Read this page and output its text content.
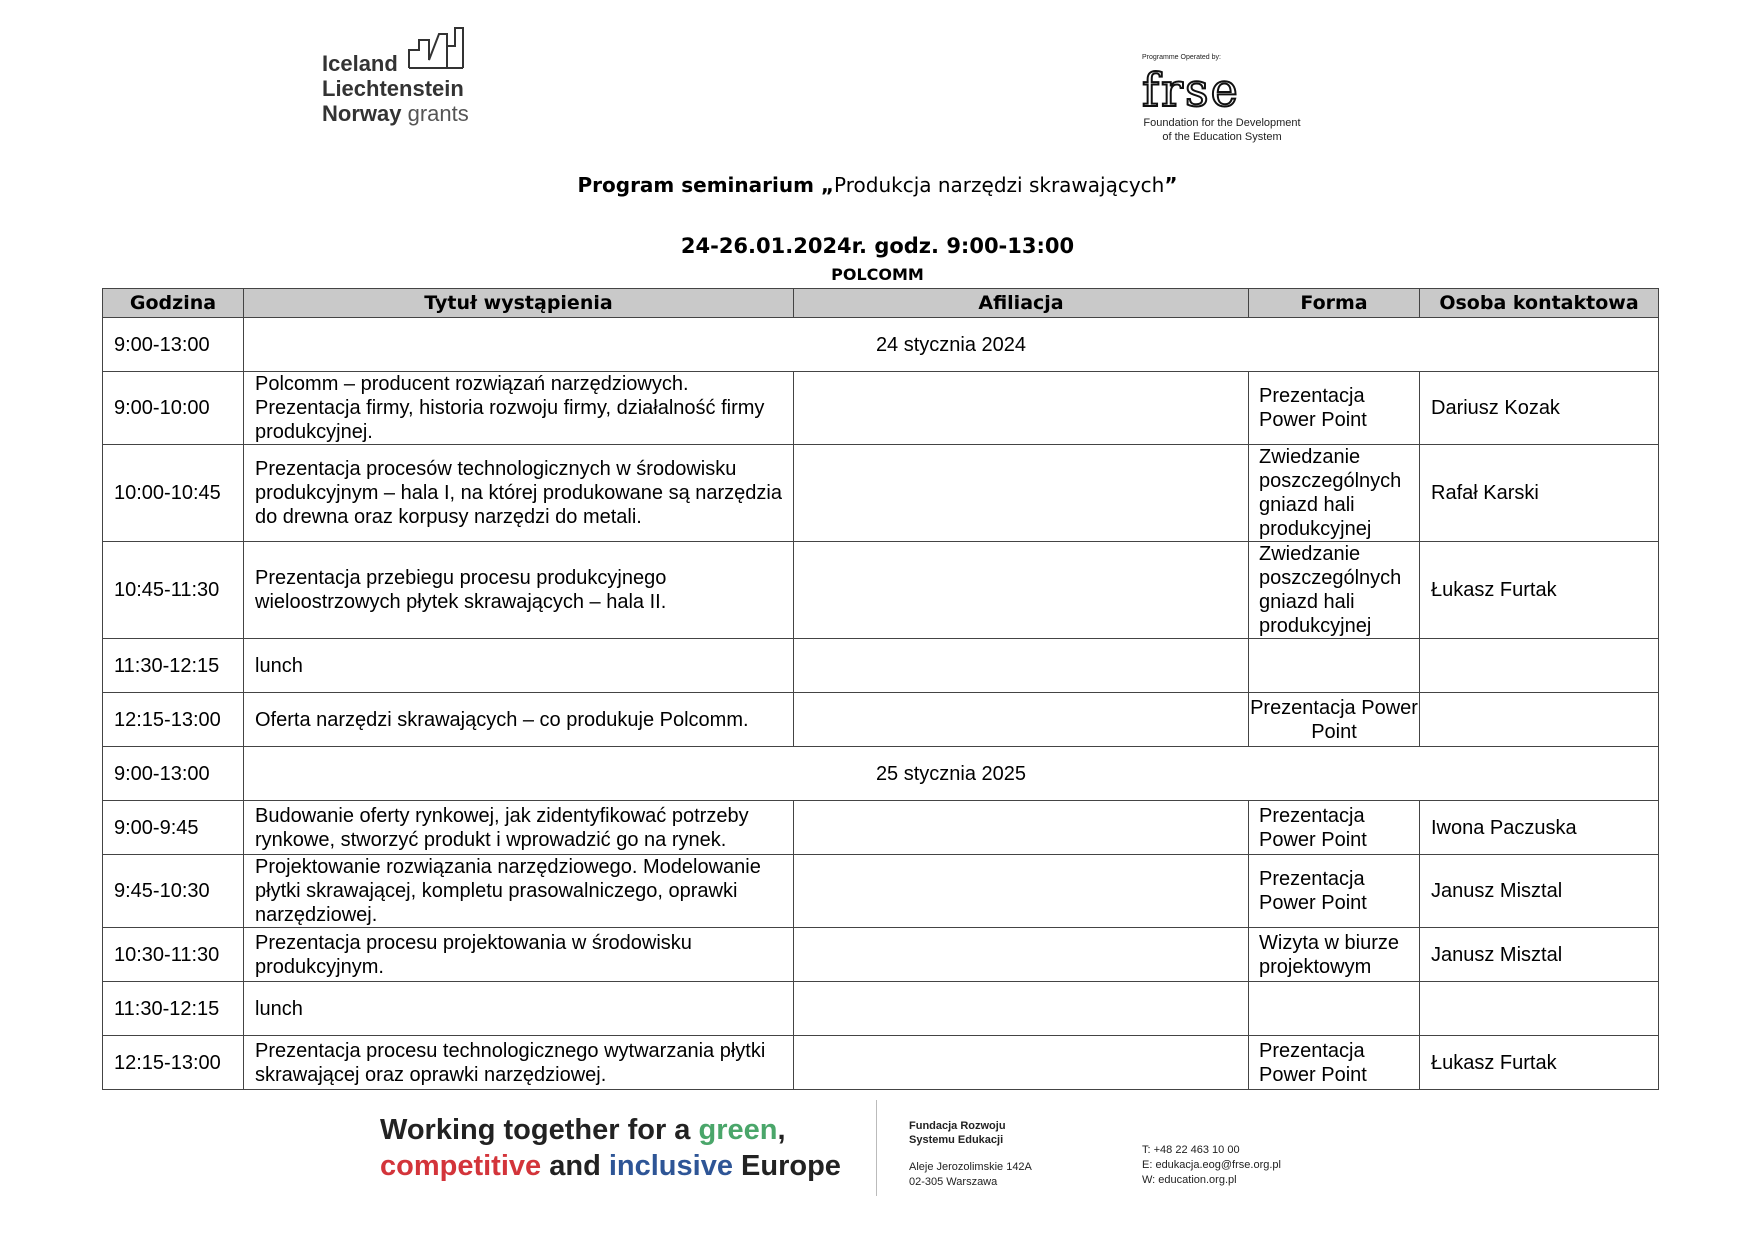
Iceland
Liechtenstein
Norway grants
Programme Operated by:
frse
Foundation for the Development
of the Education System
Program seminarium „Produkcja narzędzi skrawających”
24-26.01.2024r. godz. 9:00-13:00
POLCOMM
Godzina	Tytuł wystąpienia	Afiliacja	Forma	Osoba kontaktowa
9:00-13:00	24 stycznia 2024			
9:00-10:00	Polcomm – producent rozwiązań narzędziowych. Prezentacja firmy, historia rozwoju firmy, działalność firmy produkcyjnej.		Prezentacja Power Point	Dariusz Kozak
10:00-10:45	Prezentacja procesów technologicznych w środowisku produkcyjnym – hala I, na której produkowane są narzędzia do drewna oraz korpusy narzędzi do metali.		Zwiedzanie poszczególnych gniazd hali produkcyjnej	Rafał Karski
10:45-11:30	Prezentacja przebiegu procesu produkcyjnego wieloostrzowych płytek skrawających – hala II.		Zwiedzanie poszczególnych gniazd hali produkcyjnej	Łukasz Furtak
11:30-12:15	lunch			
12:15-13:00	Oferta narzędzi skrawających – co produkuje Polcomm.		Prezentacja Power Point	
9:00-13:00	25 stycznia 2025			
9:00-9:45	Budowanie oferty rynkowej, jak zidentyfikować potrzeby rynkowe, stworzyć produkt i wprowadzić go na rynek.		Prezentacja Power Point	Iwona Paczuska
9:45-10:30	Projektowanie rozwiązania narzędziowego. Modelowanie płytki skrawającej, kompletu prasowalniczego, oprawki narzędziowej.		Prezentacja Power Point	Janusz Misztal
10:30-11:30	Prezentacja procesu projektowania w środowisku produkcyjnym.		Wizyta w biurze projektowym	Janusz Misztal
11:30-12:15	lunch			
12:15-13:00	Prezentacja procesu technologicznego wytwarzania płytki skrawającej oraz oprawki narzędziowej.		Prezentacja Power Point	Łukasz Furtak
Working together for a green,
competitive and inclusive Europe
Fundacja Rozwoju
Systemu Edukacji
Aleje Jerozolimskie 142A
02-305 Warszawa
T: +48 22 463 10 00
E: edukacja.eog@frse.org.pl
W: education.org.pl
